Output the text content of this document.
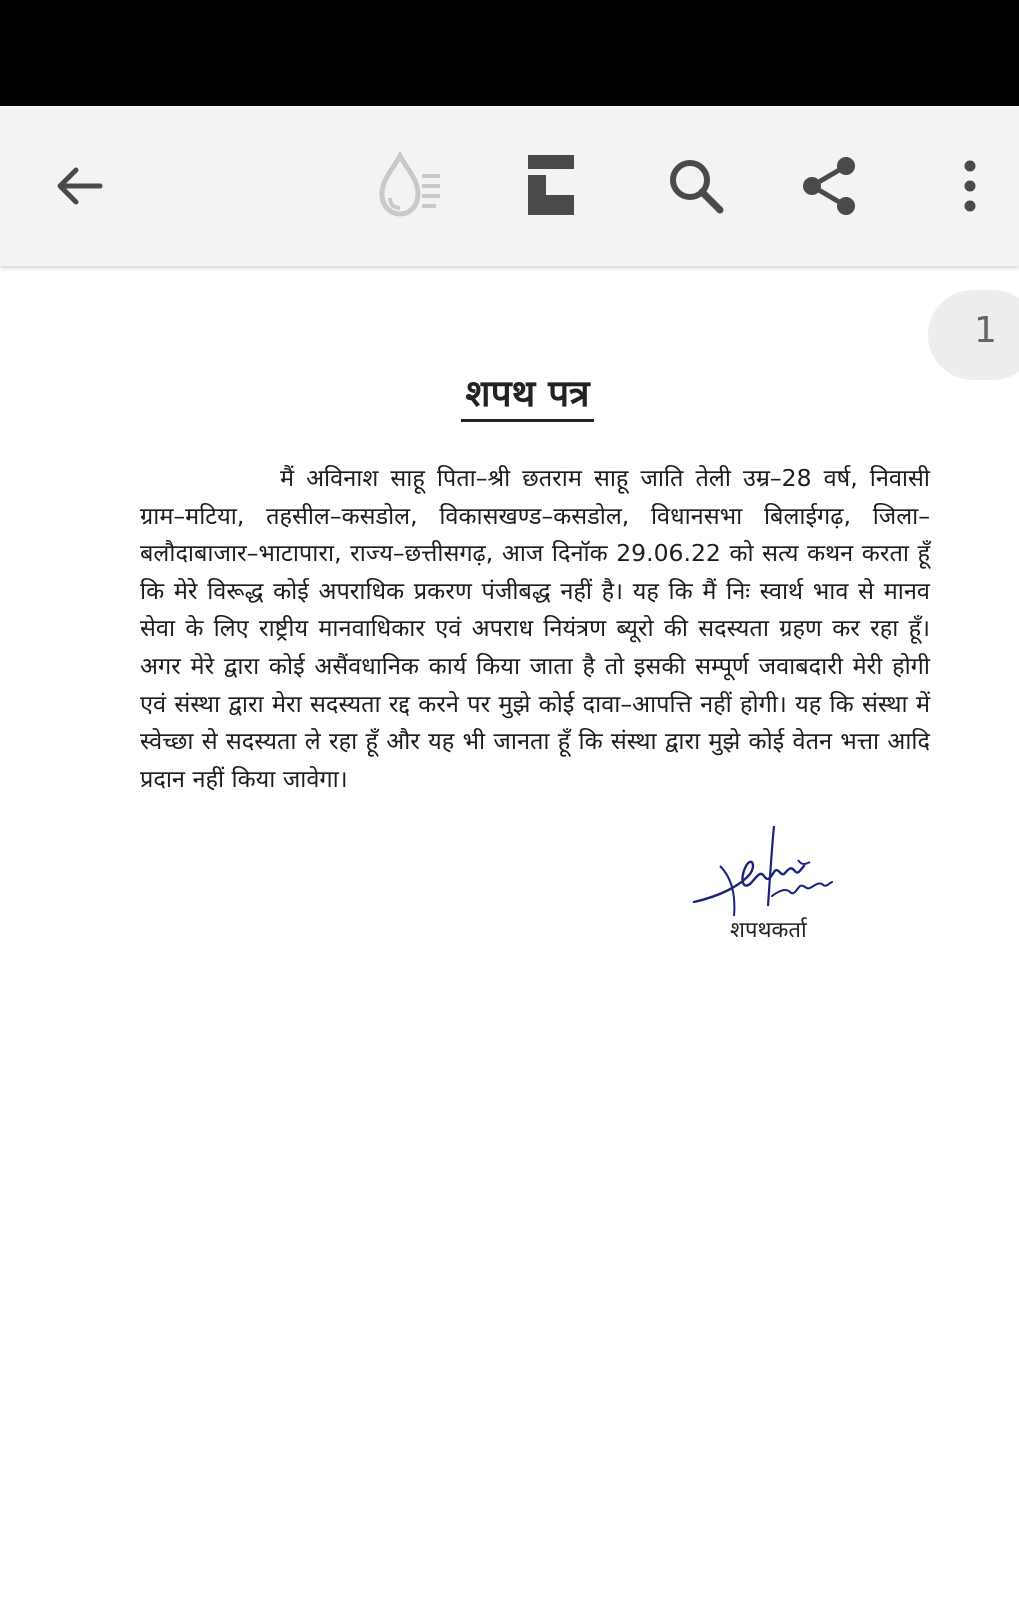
1
शपथ पत्र

मैं अविनाश साहू पिता–श्री छतराम साहू जाति तेली उम्र–28 वर्ष, निवासी ग्राम–मटिया, तहसील–कसडोल, विकासखण्ड–कसडोल, विधानसभा बिलाईगढ़, जिला–बलौदाबाजार–भाटापारा, राज्य–छत्तीसगढ़, आज दिनॉक 29.06.22 को सत्य कथन करता हूँ कि मेरे विरूद्ध कोई अपराधिक प्रकरण पंजीबद्ध नहीं है। यह कि मैं निः स्वार्थ भाव से मानव सेवा के लिए राष्ट्रीय मानवाधिकार एवं अपराध नियंत्रण ब्यूरो की सदस्यता ग्रहण कर रहा हूँ। अगर मेरे द्वारा कोई असैंवधानिक कार्य किया जाता है तो इसकी सम्पूर्ण जवाबदारी मेरी होगी एवं संस्था द्वारा मेरा सदस्यता रद्द करने पर मुझे कोई दावा–आपत्ति नहीं होगी। यह कि संस्था में स्वेच्छा से सदस्यता ले रहा हूँ और यह भी जानता हूँ कि संस्था द्वारा मुझे कोई वेतन भत्ता आदि प्रदान नहीं किया जावेगा।

शपथकर्ता
